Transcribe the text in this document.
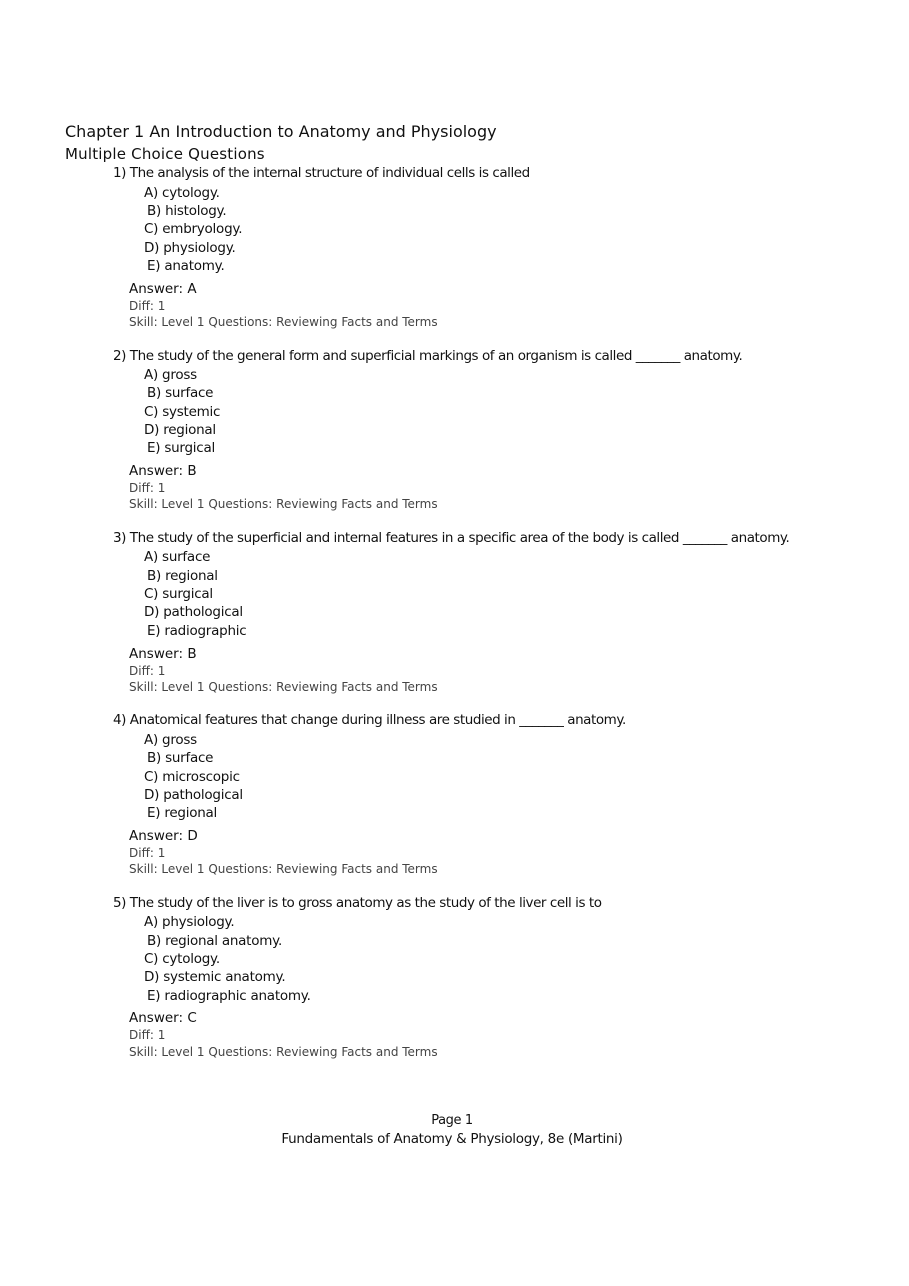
Chapter 1 An Introduction to Anatomy and Physiology
Multiple Choice Questions
1) The analysis of the internal structure of individual cells is called
A) cytology.
B) histology.
C) embryology.
D) physiology.
E) anatomy.
Answer: A
Diff: 1
Skill: Level 1 Questions: Reviewing Facts and Terms
2) The study of the general form and superficial markings of an organism is called _______ anatomy.
A) gross
B) surface
C) systemic
D) regional
E) surgical
Answer: B
Diff: 1
Skill: Level 1 Questions: Reviewing Facts and Terms
3) The study of the superficial and internal features in a specific area of the body is called _______ anatomy.
A) surface
B) regional
C) surgical
D) pathological
E) radiographic
Answer: B
Diff: 1
Skill: Level 1 Questions: Reviewing Facts and Terms
4) Anatomical features that change during illness are studied in _______ anatomy.
A) gross
B) surface
C) microscopic
D) pathological
E) regional
Answer: D
Diff: 1
Skill: Level 1 Questions: Reviewing Facts and Terms
5) The study of the liver is to gross anatomy as the study of the liver cell is to
A) physiology.
B) regional anatomy.
C) cytology.
D) systemic anatomy.
E) radiographic anatomy.
Answer: C
Diff: 1
Skill: Level 1 Questions: Reviewing Facts and Terms
Page 1
Fundamentals of Anatomy & Physiology, 8e (Martini)
